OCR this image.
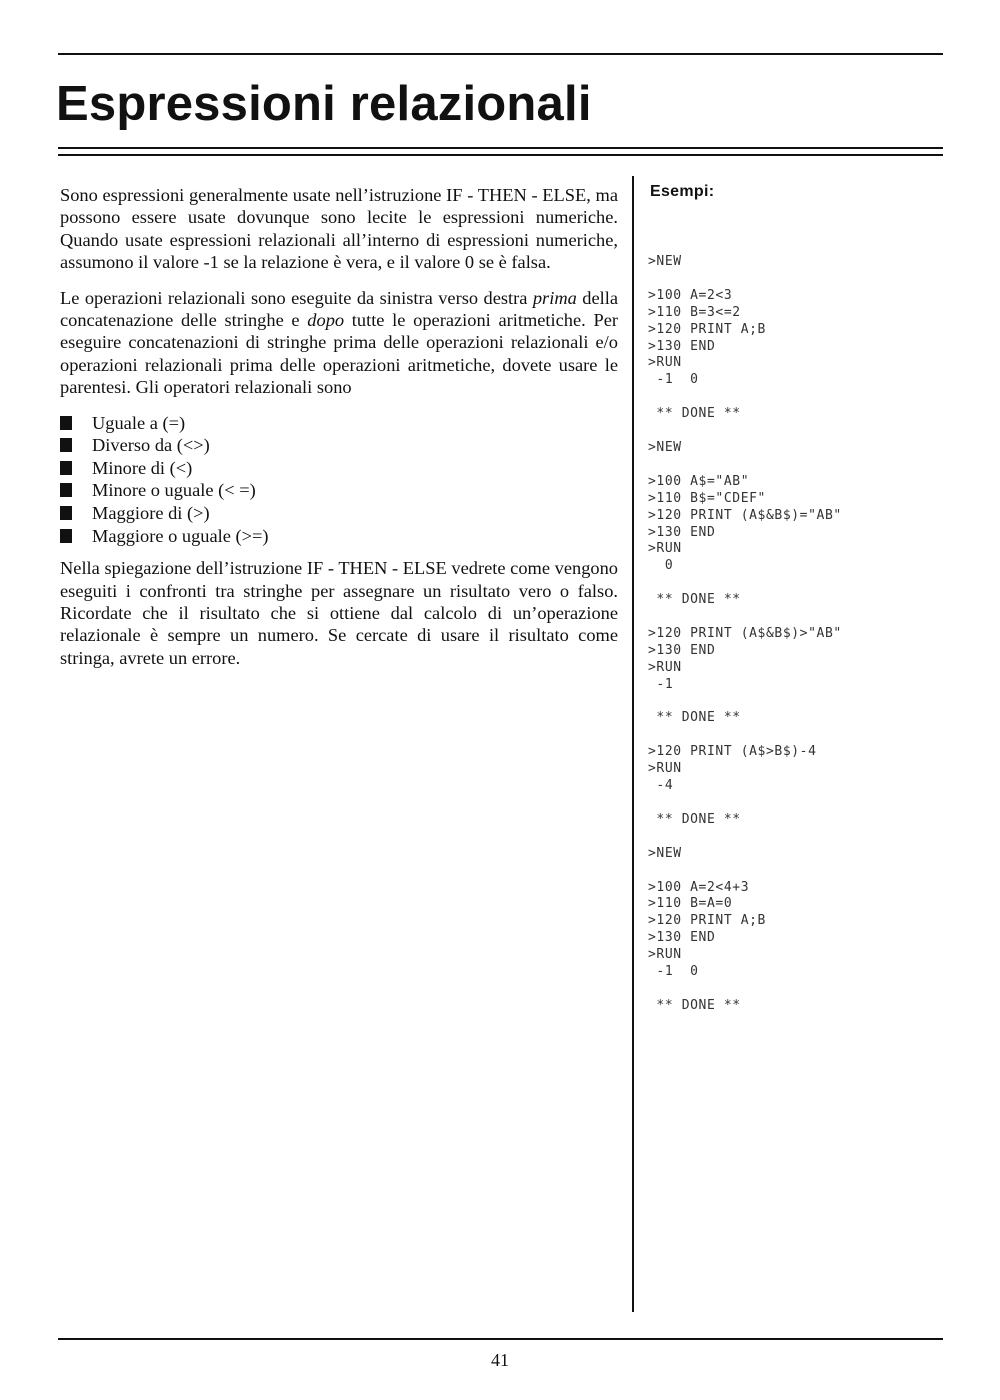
Espressioni relazionali

Sono espressioni generalmente usate nell’istruzione IF - THEN - ELSE, ma possono essere usate dovunque sono lecite le espressioni numeriche. Quando usate espressioni relazionali all’interno di espressioni numeriche, assumono il valore -1 se la relazione è vera, e il valore 0 se è falsa.

Le operazioni relazionali sono eseguite da sinistra verso destra prima della concatenazione delle stringhe e dopo tutte le operazioni aritmetiche. Per eseguire concatenazioni di stringhe prima delle operazioni relazionali e/o operazioni relazionali prima delle operazioni aritmetiche, dovete usare le parentesi. Gli operatori relazionali sono

Uguale a (=)
Diverso da (<>)
Minore di (<)
Minore o uguale (< =)
Maggiore di (>)
Maggiore o uguale (>=)

Nella spiegazione dell’istruzione IF - THEN - ELSE vedrete come vengono eseguiti i confronti tra stringhe per assegnare un risultato vero o falso. Ricordate che il risultato che si ottiene dal calcolo di un’operazione relazionale è sempre un numero. Se cercate di usare il risultato come stringa, avrete un errore.

Esempi:
>NEW

>100 A=2<3
>110 B=3<=2
>120 PRINT A;B
>130 END
>RUN
-1  0

** DONE **

>NEW

>100 A$="AB"
>110 B$="CDEF"
>120 PRINT (A$&B$)="AB"
>130 END
>RUN
0

** DONE **

>120 PRINT (A$&B$)>"AB"
>130 END
>RUN
-1

** DONE **

>120 PRINT (A$>B$)-4
>RUN
-4

** DONE **

>NEW

>100 A=2<4+3
>110 B=A=0
>120 PRINT A;B
>130 END
>RUN
-1  0

** DONE **
41
